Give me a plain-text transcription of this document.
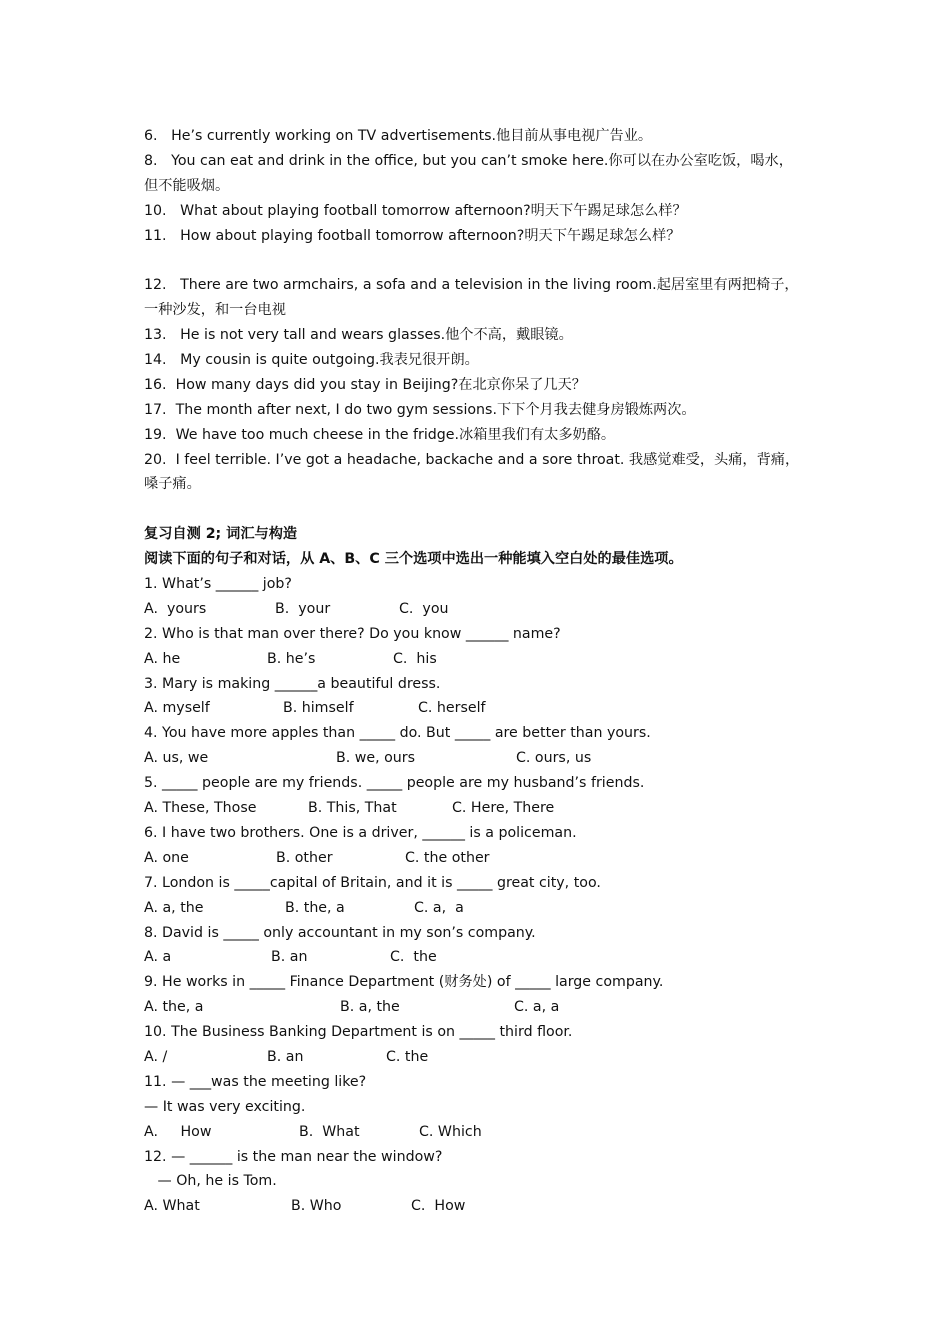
6.   He’s currently working on TV advertisements.他目前从事电视广告业。
8.   You can eat and drink in the office, but you can’t smoke here.你可以在办公室吃饭，喝水，
但不能吸烟。
10.   What about playing football tomorrow afternoon?明天下午踢足球怎么样？
11.   How about playing football tomorrow afternoon?明天下午踢足球怎么样？
12.   There are two armchairs, a sofa and a television in the living room.起居室里有两把椅子，
一种沙发，和一台电视
13.   He is not very tall and wears glasses.他个不高，戴眼镜。
14.   My cousin is quite outgoing.我表兄很开朗。
16.  How many days did you stay in Beijing?在北京你呆了几天？
17.  The month after next, I do two gym sessions.下下个月我去健身房锻炼两次。
19.  We have too much cheese in the fridge.冰箱里我们有太多奶酪。
20.  I feel terrible. I’ve got a headache, backache and a sore throat. 我感觉难受，头痛，背痛，
嗓子痛。
复习自测 2; 词汇与构造
阅读下面的句子和对话，从 A、B、C 三个选项中选出一种能填入空白处的最佳选项。
1. What’s ______ job?
A.  yours	B.  your	C.  you
2. Who is that man over there? Do you know ______ name?
A. he	B. he’s	C.  his
3. Mary is making ______a beautiful dress.
A. myself	B. himself	C. herself
4. You have more apples than _____ do. But _____ are better than yours.
A. us, we	B. we, ours	C. ours, us
5. _____ people are my friends. _____ people are my husband’s friends.
A. These, Those	B. This, That	C. Here, There
6. I have two brothers. One is a driver, ______ is a policeman.
A. one	B. other	C. the other
7. London is _____capital of Britain, and it is _____ great city, too.
A. a, the	B. the, a	C. a,  a
8. David is _____ only accountant in my son’s company.
A. a	B. an	C.  the
9. He works in _____ Finance Department (财务处) of _____ large company.
A. the, a	B. a, the	C. a, a
10. The Business Banking Department is on _____ third floor.
A. /	B. an	C. the
11. — ___was the meeting like?
— It was very exciting.
A.     How	B.  What	C. Which
12. — ______ is the man near the window?
— Oh, he is Tom.
A. What	B. Who	C.  How
